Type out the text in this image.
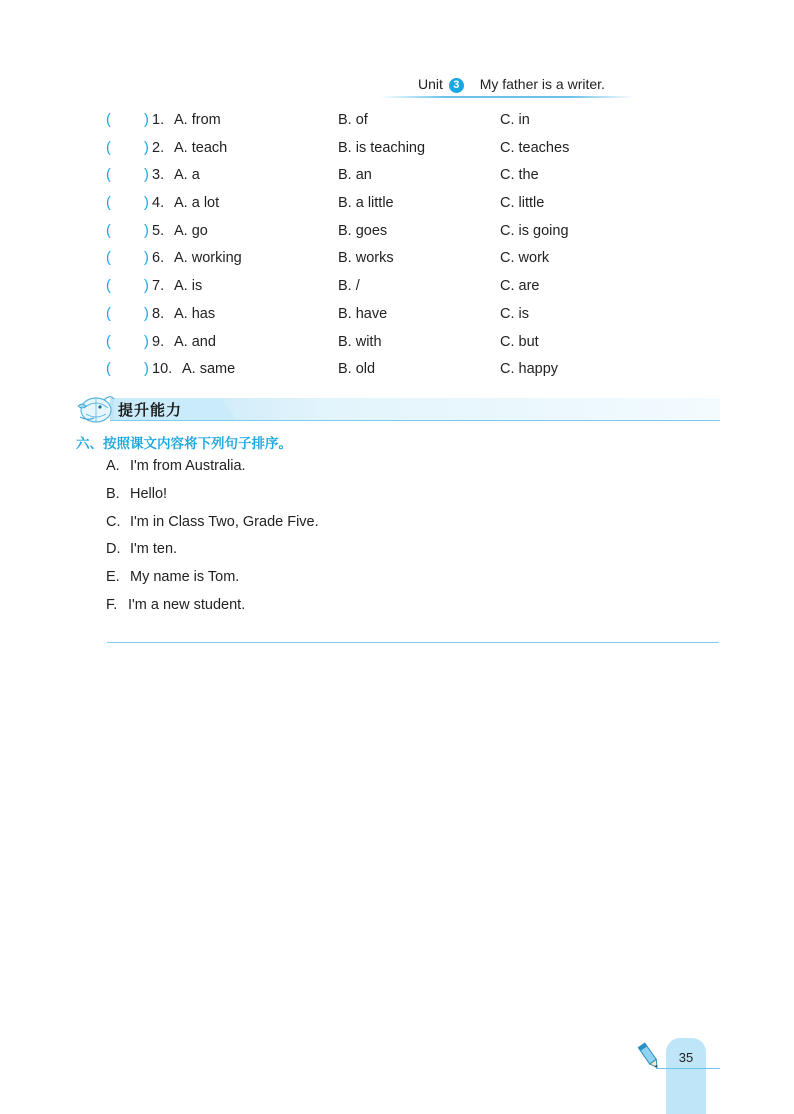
Unit 3 My father is a writer.
( ) 1. A. from	B. of	C. in
( ) 2. A. teach	B. is teaching	C. teaches
( ) 3. A. a	B. an	C. the
( ) 4. A. a lot	B. a little	C. little
( ) 5. A. go	B. goes	C. is going
( ) 6. A. working	B. works	C. work
( ) 7. A. is	B. /	C. are
( ) 8. A. has	B. have	C. is
( ) 9. A. and	B. with	C. but
( ) 10. A. same	B. old	C. happy
提升能力
六、按照课文内容将下列句子排序。
A. I'm from Australia.
B. Hello!
C. I'm in Class Two, Grade Five.
D. I'm ten.
E. My name is Tom.
F. I'm a new student.
35
